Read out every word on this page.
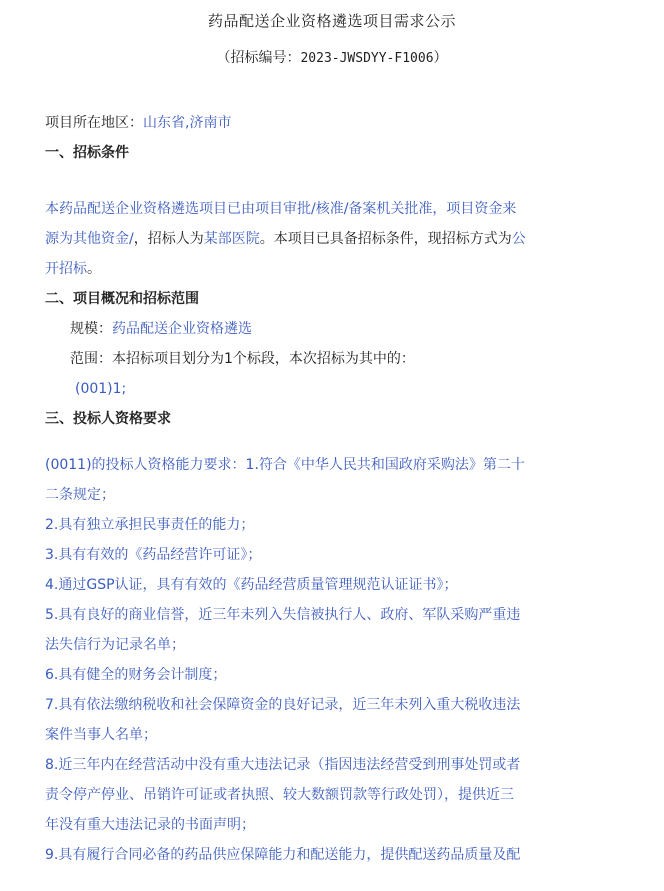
药品配送企业资格遴选项目需求公示
（招标编号：2023-JWSDYY-F1006）

项目所在地区：山东省,济南市

一、招标条件

本药品配送企业资格遴选项目已由项目审批/核准/备案机关批准，项目资金来

源为其他资金/，招标人为某部医院。本项目已具备招标条件，现招标方式为公

开招标。

二、项目概况和招标范围

规模：药品配送企业资格遴选

范围：本招标项目划分为1个标段，本次招标为其中的：

(001)1;

三、投标人资格要求

(0011)的投标人资格能力要求：1.符合《中华人民共和国政府采购法》第二十

二条规定；

2.具有独立承担民事责任的能力；

3.具有有效的《药品经营许可证》；

4.通过GSP认证，具有有效的《药品经营质量管理规范认证证书》；

5.具有良好的商业信誉，近三年未列入失信被执行人、政府、军队采购严重违

法失信行为记录名单；

6.具有健全的财务会计制度；

7.具有依法缴纳税收和社会保障资金的良好记录，近三年未列入重大税收违法

案件当事人名单；

8.近三年内在经营活动中没有重大违法记录（指因违法经营受到刑事处罚或者

责令停产停业、吊销许可证或者执照、较大数额罚款等行政处罚），提供近三

年没有重大违法记录的书面声明；

9.具有履行合同必备的药品供应保障能力和配送能力，提供配送药品质量及配
